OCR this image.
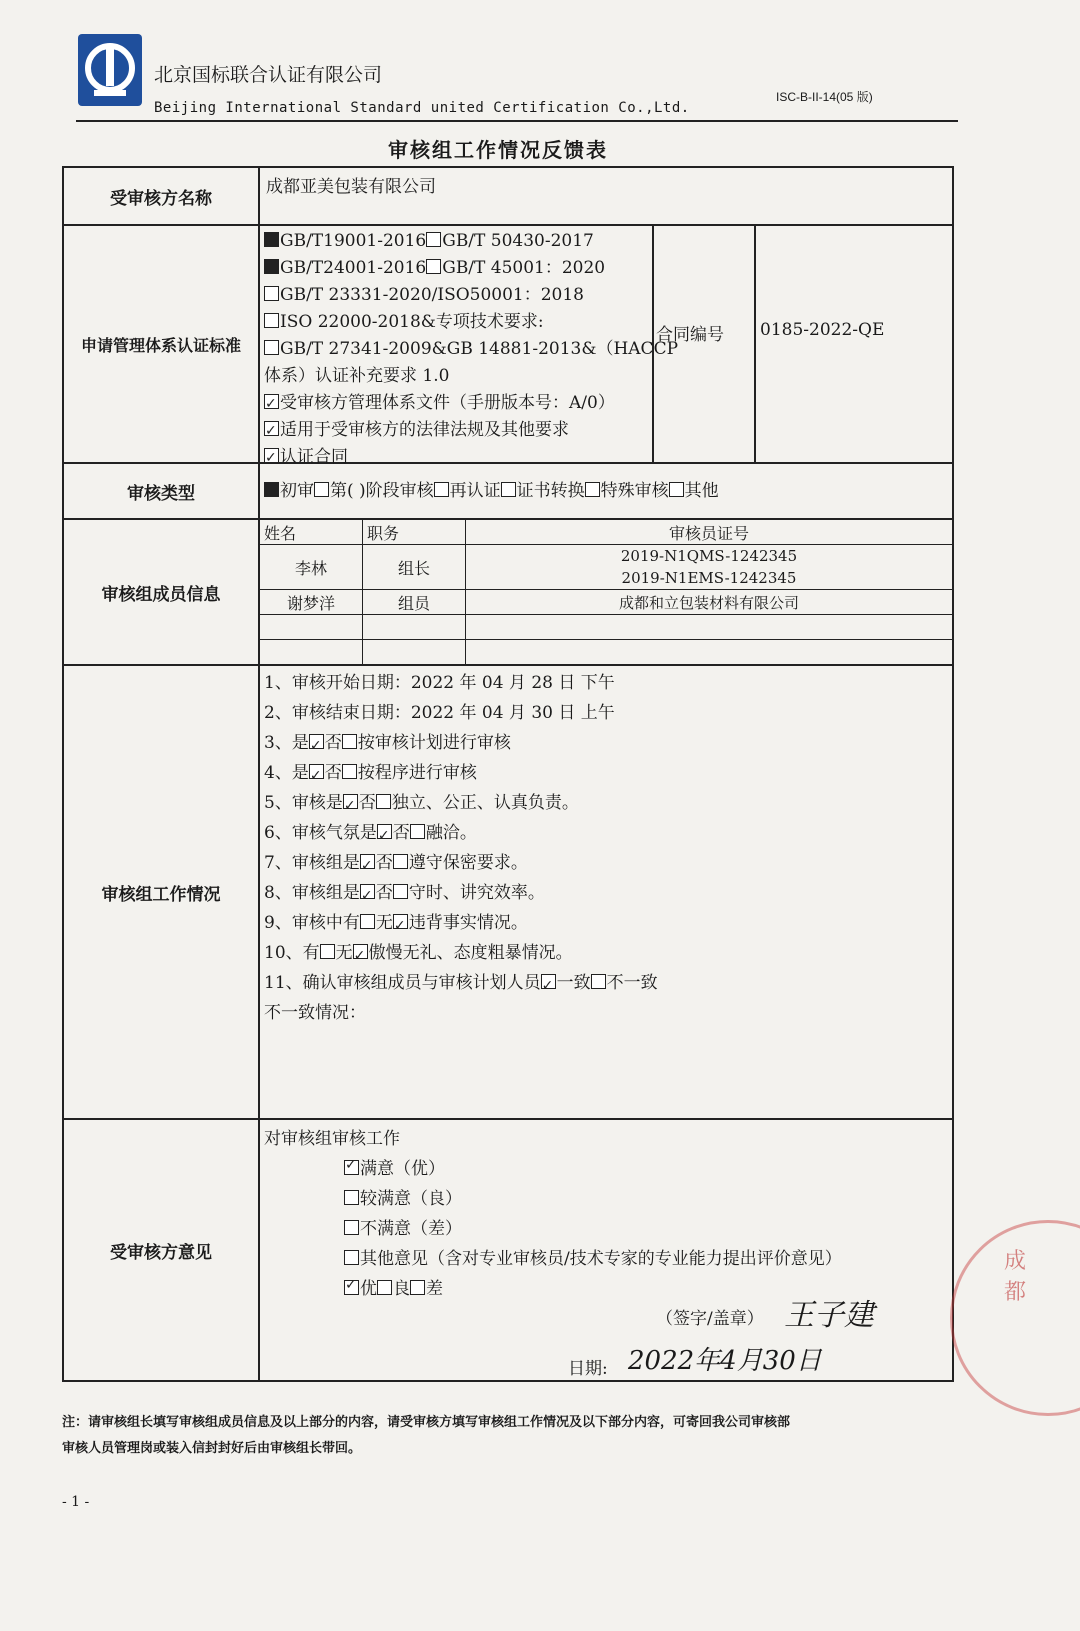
北京国标联合认证有限公司
Beijing International Standard united Certification Co.,Ltd.
ISC-B-II-14(05 版)
审核组工作情况反馈表
受审核方名称	成都亚美包装有限公司
申请管理体系认证标准	
GB/T19001-2016 GB/T 50430-2017
GB/T24001-2016 GB/T 45001：2020
GB/T 23331-2020/ISO50001：2018
ISO 22000-2018&专项技术要求:
GB/T 27341-2009&GB 14881-2013&（HACCP
体系）认证补充要求 1.0
✓受审核方管理体系文件（手册版本号：A/0）
✓适用于受审核方的法律法规及其他要求
✓认证合同
合同编号	0185-2022-QE

审核类型	初审 第( )阶段审核 再认证 证书转换 特殊审核 其他

审核组成员信息	
姓名	职务	审核员证号
李林	组长	2019-N1QMS-1242345
2019-N1EMS-1242345
谢梦洋	组员	成都和立包装材料有限公司

审核组工作情况	
1、审核开始日期：2022 年 04 月 28 日 下午
2、审核结束日期：2022 年 04 月 30 日 上午
3、是 ✓ 否 按审核计划进行审核
4、是 ✓ 否 按程序进行审核
5、审核是 ✓ 否 独立、公正、认真负责。
6、审核气氛是 ✓ 否 融洽。
7、审核组是 ✓ 否 遵守保密要求。
8、审核组是 ✓ 否 守时、讲究效率。
9、审核中有 无 ✓ 违背事实情况。
10、有 无 ✓ 傲慢无礼、态度粗暴情况。
11、确认审核组成员与审核计划人员 ✓ 一致 不一致
不一致情况：

受审核方意见	成都
对审核组审核工作
✓满意（优）
较满意（良）
不满意（差）
其他意见（含对专业审核员/技术专家的专业能力提出评价意见）
✓优 良 差
（签字/盖章） 王子建
日期: 2022年4月30日
注：请审核组长填写审核组成员信息及以上部分的内容，请受审核方填写审核组工作情况及以下部分内容，可寄回我公司审核部
审核人员管理岗或装入信封封好后由审核组长带回。
- 1 -
